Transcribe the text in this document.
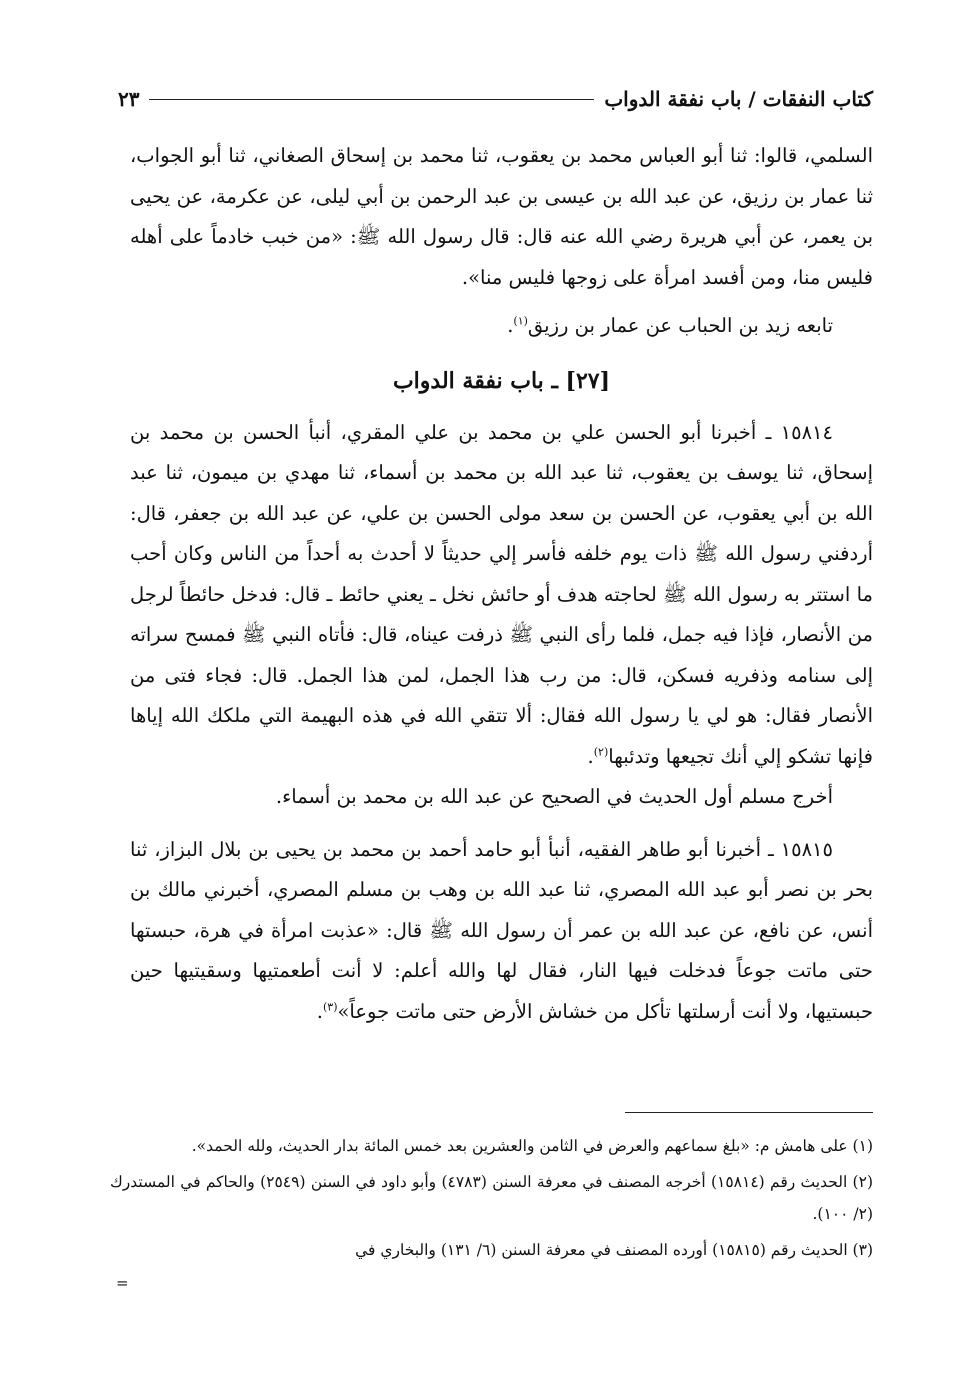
كتاب النفقات / باب نفقة الدواب
٢٣

السلمي، قالوا: ثنا أبو العباس محمد بن يعقوب، ثنا محمد بن إسحاق الصغاني، ثنا أبو الجواب، ثنا عمار بن رزيق، عن عبد الله بن عيسى بن عبد الرحمن بن أبي ليلى، عن عكرمة، عن يحيى بن يعمر، عن أبي هريرة رضي الله عنه قال: قال رسول الله ﷺ: «من خبب خادماً على أهله فليس منا، ومن أفسد امرأة على زوجها فليس منا».

تابعه زيد بن الحباب عن عمار بن رزيق$^{(١)}$.

[٢٧] ـ باب نفقة الدواب

١٥٨١٤ ـ أخبرنا أبو الحسن علي بن محمد بن علي المقري، أنبأ الحسن بن محمد بن إسحاق، ثنا يوسف بن يعقوب، ثنا عبد الله بن محمد بن أسماء، ثنا مهدي بن ميمون، ثنا عبد الله بن أبي يعقوب، عن الحسن بن سعد مولى الحسن بن علي، عن عبد الله بن جعفر، قال: أردفني رسول الله ﷺ ذات يوم خلفه فأسر إلي حديثاً لا أحدث به أحداً من الناس وكان أحب ما استتر به رسول الله ﷺ لحاجته هدف أو حائش نخل ـ يعني حائط ـ قال: فدخل حائطاً لرجل من الأنصار، فإذا فيه جمل، فلما رأى النبي ﷺ ذرفت عيناه، قال: فأتاه النبي ﷺ فمسح سراته إلى سنامه وذفريه فسكن، قال: من رب هذا الجمل، لمن هذا الجمل. قال: فجاء فتى من الأنصار فقال: هو لي يا رسول الله فقال: ألا تتقي الله في هذه البهيمة التي ملكك الله إياها فإنها تشكو إلي أنك تجيعها وتدئبها$^{(٢)}$.

أخرج مسلم أول الحديث في الصحيح عن عبد الله بن محمد بن أسماء.

١٥٨١٥ ـ أخبرنا أبو طاهر الفقيه، أنبأ أبو حامد أحمد بن محمد بن يحيى بن بلال البزاز، ثنا بحر بن نصر أبو عبد الله المصري، ثنا عبد الله بن وهب بن مسلم المصري، أخبرني مالك بن أنس، عن نافع، عن عبد الله بن عمر أن رسول الله ﷺ قال: «عذبت امرأة في هرة، حبستها حتى ماتت جوعاً فدخلت فيها النار، فقال لها والله أعلم: لا أنت أطعمتيها وسقيتيها حين حبستيها، ولا أنت أرسلتها تأكل من خشاش الأرض حتى ماتت جوعاً»$^{(٣)}$.

(١) على هامش م: «بلغ سماعهم والعرض في الثامن والعشرين بعد خمس المائة بدار الحديث، ولله الحمد».

(٢) الحديث رقم (١٥٨١٤) أخرجه المصنف في معرفة السنن (٤٧٨٣) وأبو داود في السنن (٢٥٤٩) والحاكم في المستدرك (٢/ ١٠٠).

(٣) الحديث رقم (١٥٨١٥) أورده المصنف في معرفة السنن (٦/ ١٣١) والبخاري في

=
